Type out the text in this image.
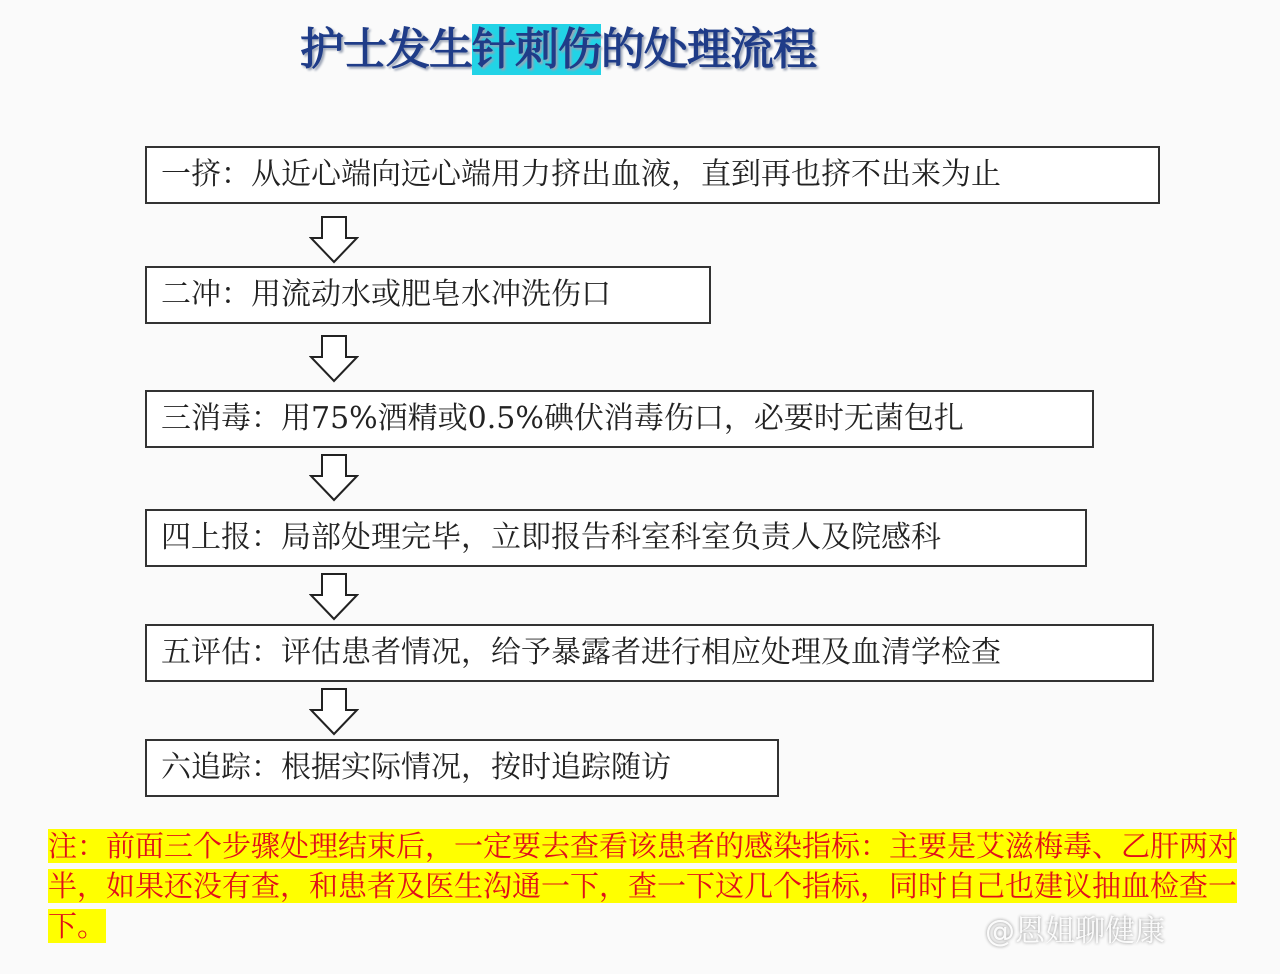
护士发生针刺伤的处理流程
一挤：从近心端向远心端用力挤出血液，直到再也挤不出来为止
二冲：用流动水或肥皂水冲洗伤口
三消毒：用75%酒精或0.5%碘伏消毒伤口，必要时无菌包扎
四上报：局部处理完毕，立即报告科室科室负责人及院感科
五评估：评估患者情况，给予暴露者进行相应处理及血清学检查
六追踪：根据实际情况，按时追踪随访
注：前面三个步骤处理结束后，一定要去查看该患者的感染指标：主要是艾滋梅毒、乙肝两对半，如果还没有查，和患者及医生沟通一下，查一下这几个指标，同时自己也建议抽血检查一下。	@恩姐聊健康
